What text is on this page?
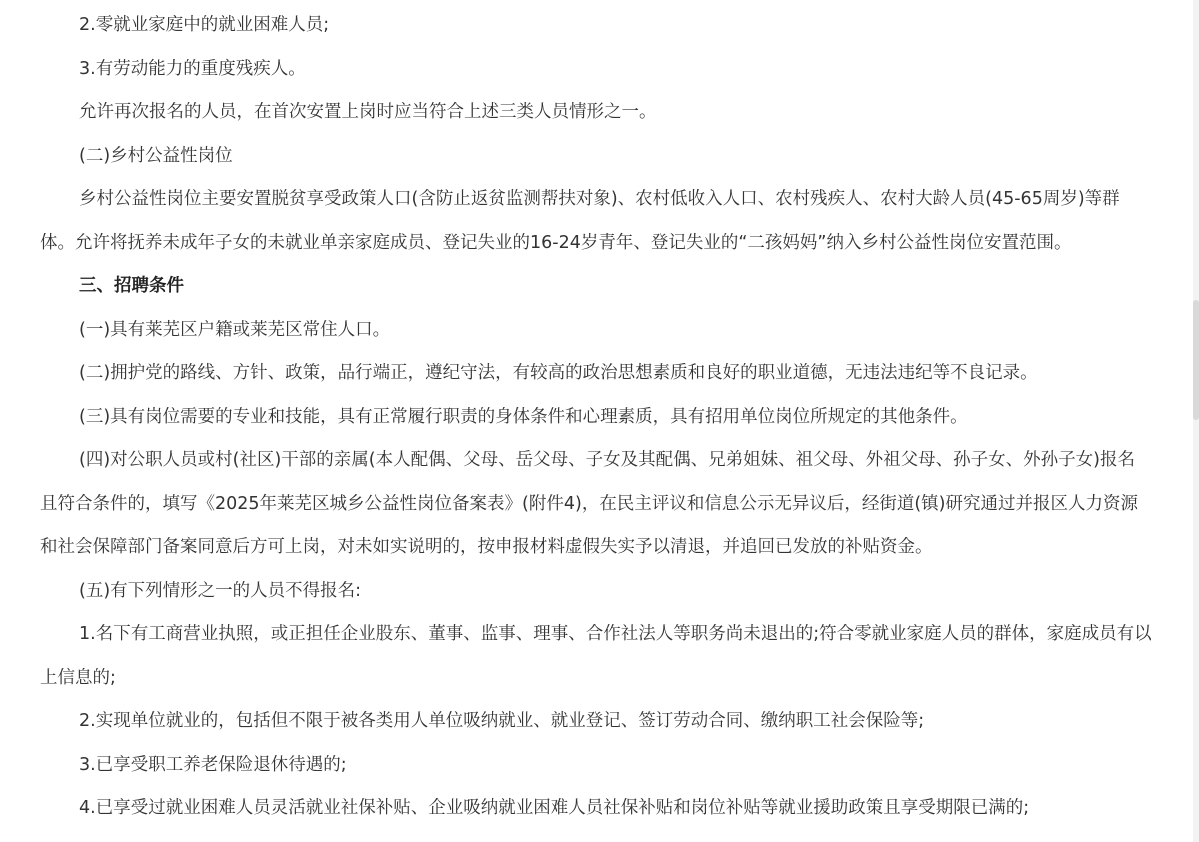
2.零就业家庭中的就业困难人员;

3.有劳动能力的重度残疾人。

允许再次报名的人员，在首次安置上岗时应当符合上述三类人员情形之一。

(二)乡村公益性岗位

乡村公益性岗位主要安置脱贫享受政策人口(含防止返贫监测帮扶对象)、农村低收入人口、农村残疾人、农村大龄人员(45-65周岁)等群体。允许将抚养未成年子女的未就业单亲家庭成员、登记失业的16-24岁青年、登记失业的“二孩妈妈”纳入乡村公益性岗位安置范围。

三、招聘条件

(一)具有莱芜区户籍或莱芜区常住人口。

(二)拥护党的路线、方针、政策，品行端正，遵纪守法，有较高的政治思想素质和良好的职业道德，无违法违纪等不良记录。

(三)具有岗位需要的专业和技能，具有正常履行职责的身体条件和心理素质，具有招用单位岗位所规定的其他条件。

(四)对公职人员或村(社区)干部的亲属(本人配偶、父母、岳父母、子女及其配偶、兄弟姐妹、祖父母、外祖父母、孙子女、外孙子女)报名且符合条件的，填写《2025年莱芜区城乡公益性岗位备案表》(附件4)，在民主评议和信息公示无异议后，经街道(镇)研究通过并报区人力资源和社会保障部门备案同意后方可上岗，对未如实说明的，按申报材料虚假失实予以清退，并追回已发放的补贴资金。

(五)有下列情形之一的人员不得报名:

1.名下有工商营业执照，或正担任企业股东、董事、监事、理事、合作社法人等职务尚未退出的;符合零就业家庭人员的群体，家庭成员有以上信息的;

2.实现单位就业的，包括但不限于被各类用人单位吸纳就业、就业登记、签订劳动合同、缴纳职工社会保险等;

3.已享受职工养老保险退休待遇的;

4.已享受过就业困难人员灵活就业社保补贴、企业吸纳就业困难人员社保补贴和岗位补贴等就业援助政策且享受期限已满的;
